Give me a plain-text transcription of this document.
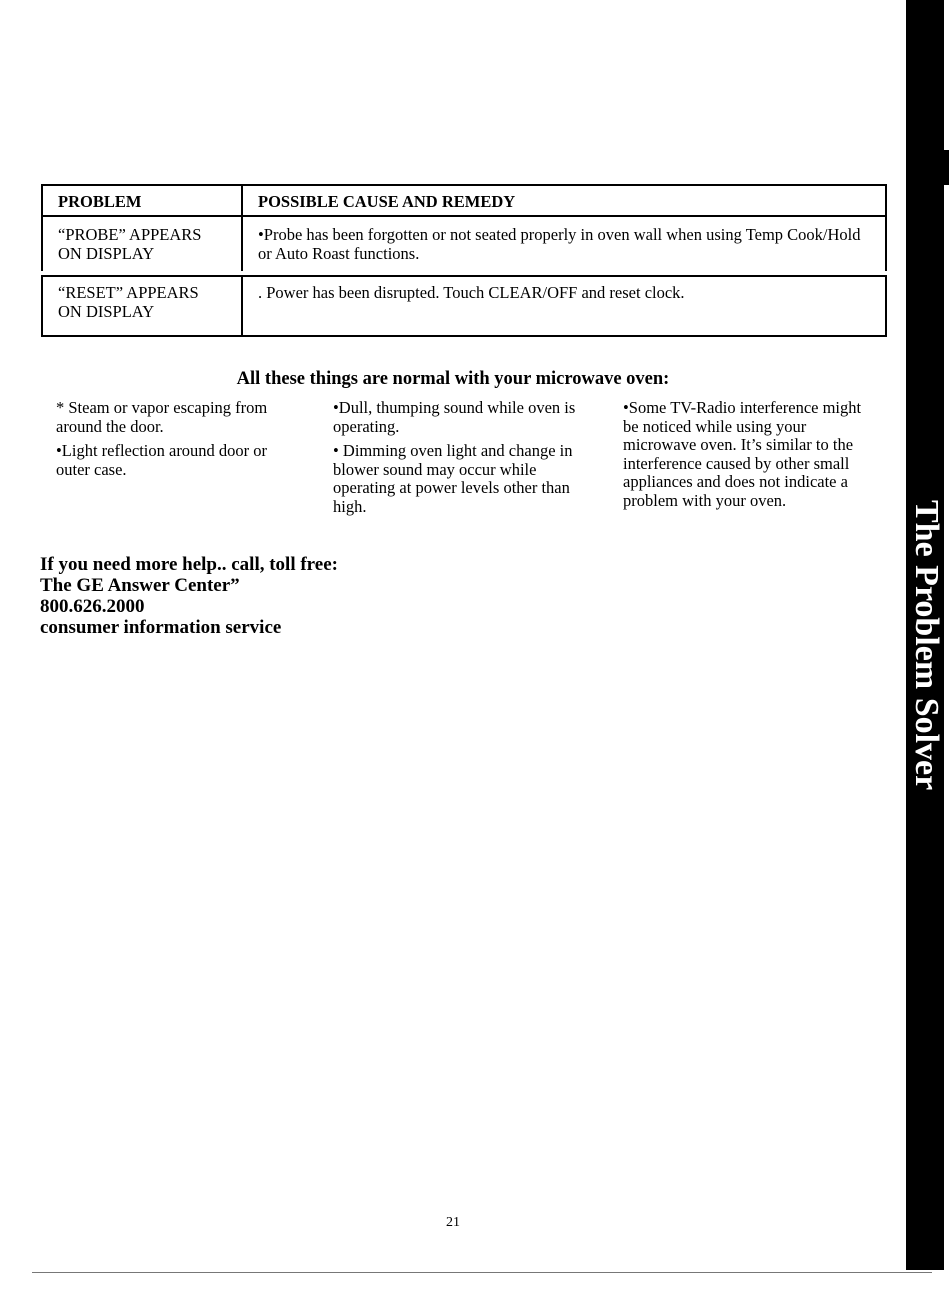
PROBLEM	POSSIBLE CAUSE AND REMEDY

“PROBE” APPEARS
ON DISPLAY	•Probe has been forgotten or not seated properly in oven wall when using Temp Cook/Hold or Auto Roast functions.

“RESET” APPEARS
ON DISPLAY	. Power has been disrupted. Touch CLEAR/OFF and reset clock.
All these things are normal with your microwave oven:

* Steam or vapor escaping from around the door.

•Light reflection around door or outer case.

•Dull, thumping sound while oven is operating.

• Dimming oven light and change in blower sound may occur while operating at power levels other than high.

•Some TV-Radio interference might be noticed while using your microwave oven. It’s similar to the interference caused by other small appliances and does not indicate a problem with your oven.

If you need more help.. call, toll free:
The GE Answer Center”
800.626.2000
consumer information service
21
The Problem Solver
